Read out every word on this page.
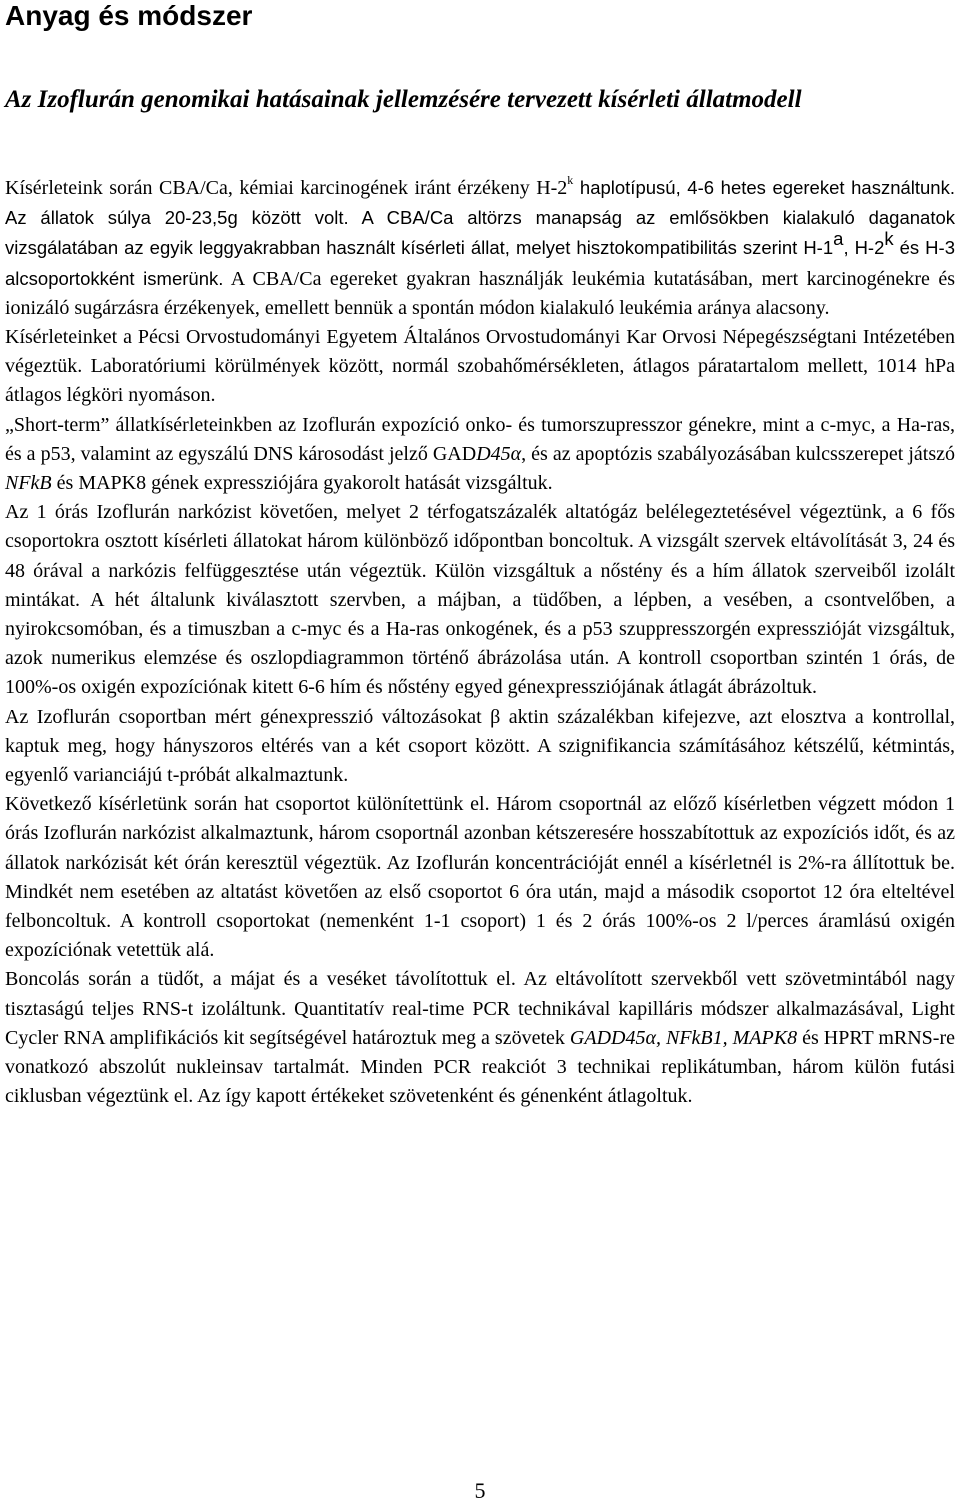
Anyag és módszer
Az Izoflurán genomikai hatásainak jellemzésére tervezett kísérleti állatmodell

Kísérleteink során CBA/Ca, kémiai karcinogének iránt érzékeny H-2$^k$ haplotípusú, 4-6 hetes egereket használtunk. Az állatok súlya 20-23,5g között volt. A CBA/Ca altörzs manapság az emlősökben kialakuló daganatok vizsgálatában az egyik leggyakrabban használt kísérleti állat, melyet hisztokompatibilitás szerint H-1$^a$, H-2$^k$ és H-3 alcsoportokként ismerünk. A CBA/Ca egereket gyakran használják leukémia kutatásában, mert karcinogénekre és ionizáló sugárzásra érzékenyek, emellett bennük a spontán módon kialakuló leukémia aránya alacsony.

Kísérleteinket a Pécsi Orvostudományi Egyetem Általános Orvostudományi Kar Orvosi Népegészségtani Intézetében végeztük. Laboratóriumi körülmények között, normál szobahőmérsékleten, átlagos páratartalom mellett, 1014 hPa átlagos légköri nyomáson.

„Short-term” állatkísérleteinkben az Izoflurán expozíció onko- és tumorszupresszor génekre, mint a c-myc, a Ha-ras, és a p53, valamint az egyszálú DNS károsodást jelző GADD45α, és az apoptózis szabályozásában kulcsszerepet játszó NFkB és MAPK8 gének expressziójára gyakorolt hatását vizsgáltuk.

Az 1 órás Izoflurán narkózist követően, melyet 2 térfogatszázalék altatógáz belélegeztetésével végeztünk, a 6 fős csoportokra osztott kísérleti állatokat három különböző időpontban boncoltuk. A vizsgált szervek eltávolítását 3, 24 és 48 órával a narkózis felfüggesztése után végeztük. Külön vizsgáltuk a nőstény és a hím állatok szerveiből izolált mintákat. A hét általunk kiválasztott szervben, a májban, a tüdőben, a lépben, a vesében, a csontvelőben, a nyirokcsomóban, és a timuszban a c-myc és a Ha-ras onkogének, és a p53 szuppresszorgén expresszióját vizsgáltuk, azok numerikus elemzése és oszlopdiagrammon történő ábrázolása után. A kontroll csoportban szintén 1 órás, de 100%-os oxigén expozíciónak kitett 6-6 hím és nőstény egyed génexpressziójának átlagát ábrázoltuk.

Az Izoflurán csoportban mért génexpresszió változásokat β aktin százalékban kifejezve, azt elosztva a kontrollal, kaptuk meg, hogy hányszoros eltérés van a két csoport között. A szignifikancia számításához kétszélű, kétmintás, egyenlő varianciájú t-próbát alkalmaztunk.

Következő kísérletünk során hat csoportot különítettünk el. Három csoportnál az előző kísérletben végzett módon 1 órás Izoflurán narkózist alkalmaztunk, három csoportnál azonban kétszeresére hosszabítottuk az expozíciós időt, és az állatok narkózisát két órán keresztül végeztük. Az Izoflurán koncentrációját ennél a kísérletnél is 2%-ra állítottuk be. Mindkét nem esetében az altatást követően az első csoportot 6 óra után, majd a második csoportot 12 óra elteltével felboncoltuk. A kontroll csoportokat (nemenként 1-1 csoport) 1 és 2 órás 100%-os 2 l/perces áramlású oxigén expozíciónak vetettük alá.

Boncolás során a tüdőt, a májat és a veséket távolítottuk el. Az eltávolított szervekből vett szövetmintából nagy tisztaságú teljes RNS-t izoláltunk. Quantitatív real-time PCR technikával kapilláris módszer alkalmazásával, Light Cycler RNA amplifikációs kit segítségével határoztuk meg a szövetek GADD45α, NFkB1, MAPK8 és HPRT mRNS-re vonatkozó abszolút nukleinsav tartalmát. Minden PCR reakciót 3 technikai replikátumban, három külön futási ciklusban végeztünk el. Az így kapott értékeket szövetenként és génenként átlagoltuk.

5
